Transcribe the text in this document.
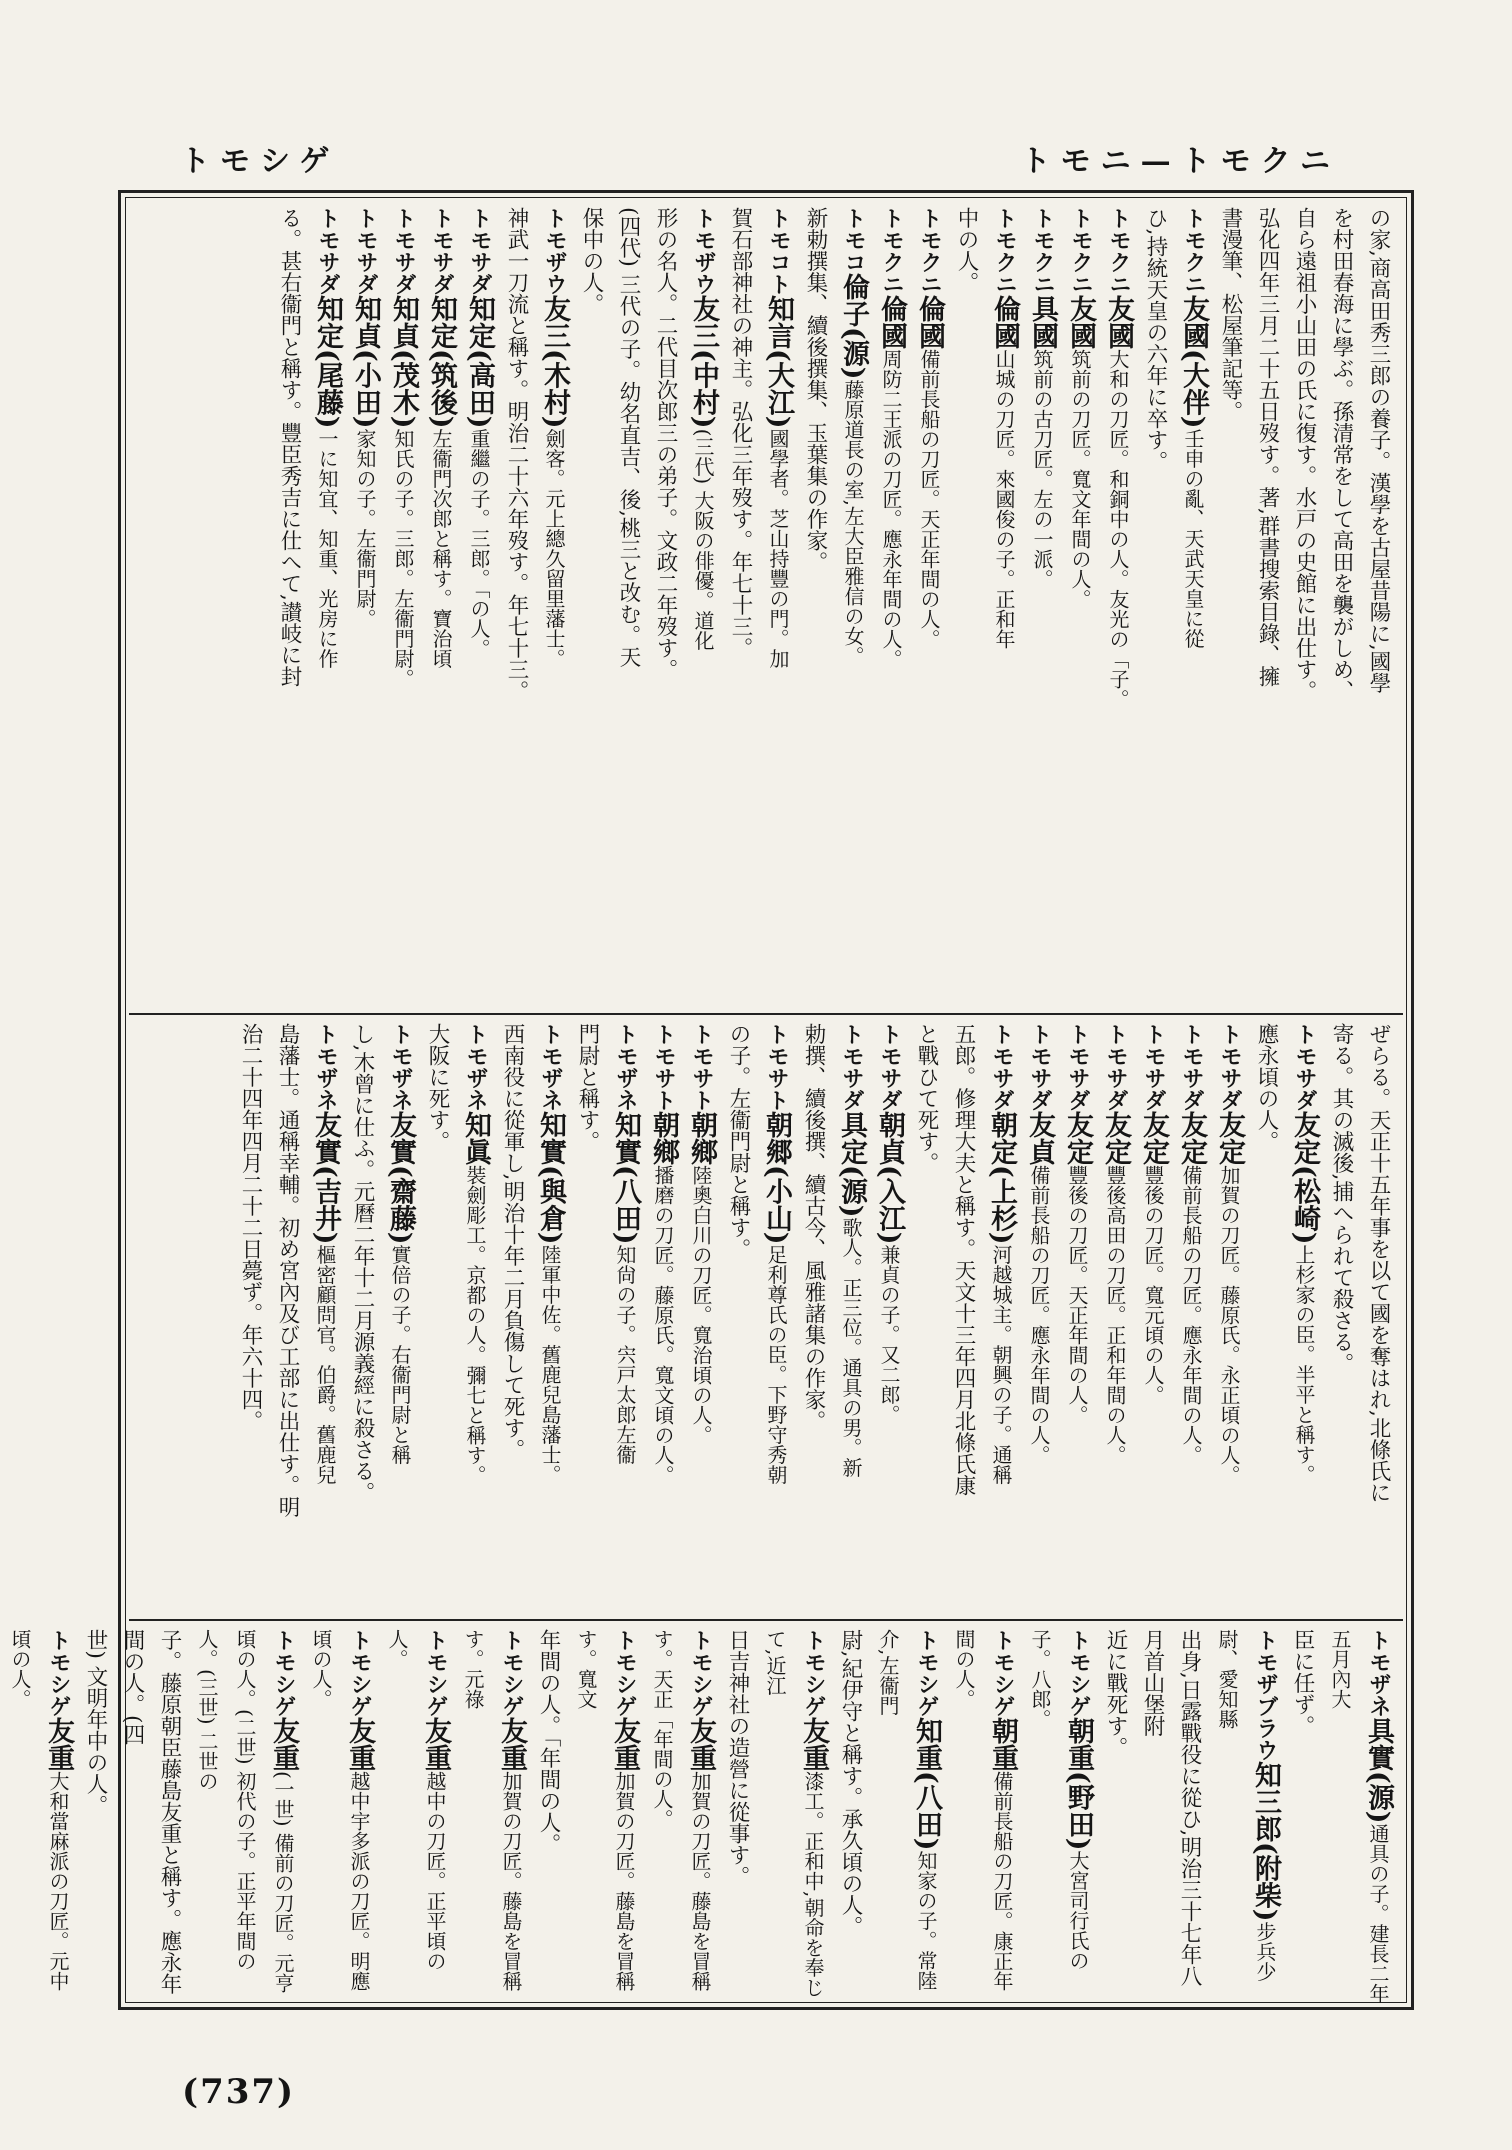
トモニ—トモクニ
トモシゲ
の家,商高田秀三郎の養子。漢學を古屋昔陽に,國學
を村田春海に學ぶ。孫清常をして高田を襲がしめ、
自ら遠祖小山田の氏に復す。水戸の史館に出仕す。
弘化四年三月二十五日歿す。著,群書搜索目錄、擁
書漫筆、松屋筆記等。
トモクニ友國(大伴)壬申の亂、天武天皇に從
ひ,持統天皇の六年に卒す。
トモクニ友國大和の刀匠。和銅中の人。友光の「子。
トモクニ友國筑前の刀匠。寬文年間の人。
トモクニ具國筑前の古刀匠。左の一派。
トモクニ倫國山城の刀匠。來國俊の子。正和年
中の人。
トモクニ倫國備前長船の刀匠。天正年間の人。
トモクニ倫國周防二王派の刀匠。應永年間の人。
トモコ倫子(源)藤原道長の室,左大臣雅信の女。
新勅撰集、續後撰集、玉葉集の作家。
トモコト知言(大江)國學者。芝山持豐の門。加
賀石部神社の神主。弘化三年歿す。年七十三。
トモザウ友三(中村)(三代) 大阪の俳優。道化
形の名人。二代目次郎三の弟子。文政二年歿す。
(四代) 三代の子。幼名直吉、後,桃三と改む。天
保中の人。
トモザウ友三(木村)劍客。元上總久留里藩士。
神武一刀流と稱す。明治二十六年歿す。年七十三。
トモサダ知定(高田)重繼の子。三郎。「の人。
トモサダ知定(筑後)左衞門次郎と稱す。寶治頃
トモサダ知貞(茂木)知氏の子。三郎。左衞門尉。
トモサダ知貞(小田)家知の子。左衞門尉。
トモサダ知定(尾藤)一に知宜、知重、光房に作
る。甚右衞門と稱す。豐臣秀吉に仕へて,讃岐に封
ぜらる。天正十五年事を以て國を奪はれ,北條氏に
寄る。其の滅後,捕へられて殺さる。
トモサダ友定(松崎)上杉家の臣。半平と稱す。
應永頃の人。
トモサダ友定加賀の刀匠。藤原氏。永正頃の人。
トモサダ友定備前長船の刀匠。應永年間の人。
トモサダ友定豐後の刀匠。寬元頃の人。
トモサダ友定豐後高田の刀匠。正和年間の人。
トモサダ友定豐後の刀匠。天正年間の人。
トモサダ友貞備前長船の刀匠。應永年間の人。
トモサダ朝定(上杉)河越城主。朝興の子。通稱
五郎。修理大夫と稱す。天文十三年四月北條氏康
と戰ひて死す。
トモサダ朝貞(入江)兼貞の子。又二郎。
トモサダ具定(源)歌人。正三位。通具の男。新
勅撰、續後撰、續古今、風雅諸集の作家。
トモサト朝郷(小山)足利尊氏の臣。下野守秀朝
の子。左衞門尉と稱す。
トモサト朝鄉陸奧白川の刀匠。寬治頃の人。
トモサト朝鄉播磨の刀匠。藤原氏。寬文頃の人。
トモザネ知實(八田)知尙の子。宍戸太郎左衞
門尉と稱す。
トモザネ知實(與倉)陸軍中佐。舊鹿兒島藩士。
西南役に從軍し,明治十年二月負傷して死す。
トモザネ知眞裝劍彫工。京都の人。彌七と稱す。
大阪に死す。
トモザネ友實(齋藤)實倍の子。右衞門尉と稱
し,木曾に仕ふ。元曆二年十二月源義經に殺さる。
トモザネ友實(吉井)樞密顧問官。伯爵。舊鹿兒
島藩士。通稱幸輔。初め宮內及び工部に出仕す。明
治二十四年四月二十二日薨ず。年六十四。
トモザネ具實(源)通具の子。建長二年五月內大
臣に任ず。
トモザブラウ知三郎(附柴)步兵少尉、愛知縣
出身,日露戰役に從ひ,明治三十七年八月首山堡附
近に戰死す。
トモシゲ朝重(野田)大宮司行氏の子。八郎。
トモシゲ朝重備前長船の刀匠。康正年間の人。
トモシゲ知重(八田)知家の子。常陸介,左衞門
尉,紀伊守と稱す。承久頃の人。
トモシゲ友重漆工。正和中,朝命を奉じて,近江
日吉神社の造營に從事す。
トモシゲ友重加賀の刀匠。藤島を冒稱す。天正「年間の人。
トモシゲ友重加賀の刀匠。藤島を冒稱す。寬文
年間の人。「年間の人。
トモシゲ友重加賀の刀匠。藤島を冒稱す。元祿
トモシゲ友重越中の刀匠。正平頃の人。
トモシゲ友重越中宇多派の刀匠。明應頃の人。
トモシゲ友重(一世) 備前の刀匠。元亨頃の人。(二世) 初代の子。正平年間の人。(三世) 二世の
子。藤原朝臣藤島友重と稱す。應永年間の人。(四
世) 文明年中の人。
トモシゲ友重大和當麻派の刀匠。元中頃の人。
(737)
